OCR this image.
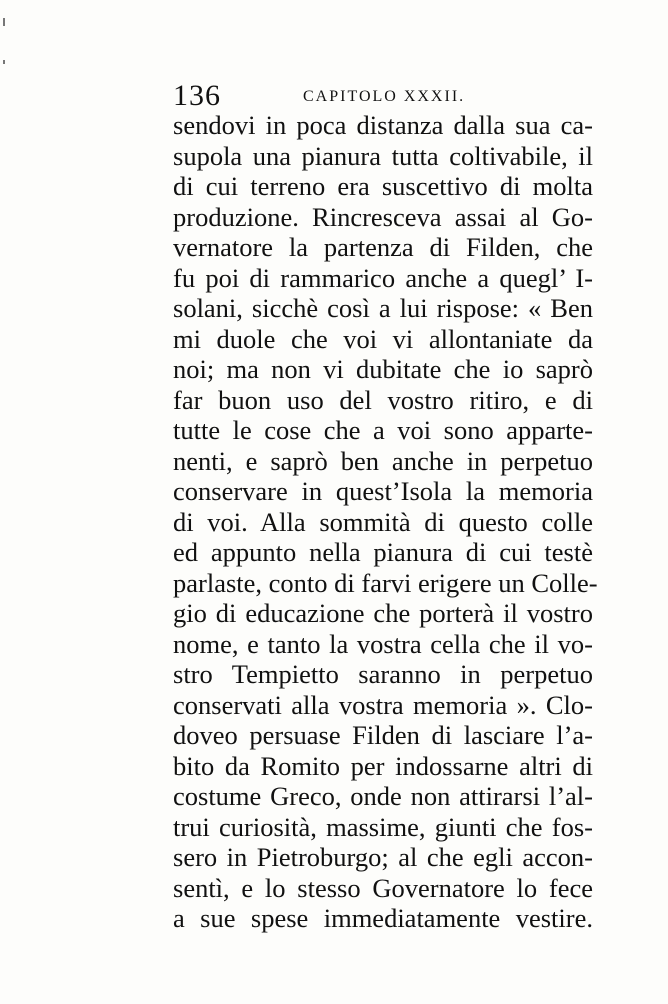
136	CAPITOLO XXXII.
sendovi in poca distanza dalla sua ca-
supola una pianura tutta coltivabile, il
di cui terreno era suscettivo di molta
produzione. Rincresceva assai al Go-
vernatore la partenza di Filden, che
fu poi di rammarico anche a quegl’ I-
solani, sicchè così a lui rispose: « Ben
mi duole che voi vi allontaniate da
noi; ma non vi dubitate che io saprò
far buon uso del vostro ritiro, e di
tutte le cose che a voi sono apparte-
nenti, e saprò ben anche in perpetuo
conservare in quest’Isola la memoria
di voi. Alla sommità di questo colle
ed appunto nella pianura di cui testè
parlaste, conto di farvi erigere un Colle-
gio di educazione che porterà il vostro
nome, e tanto la vostra cella che il vo-
stro Tempietto saranno in perpetuo
conservati alla vostra memoria ». Clo-
doveo persuase Filden di lasciare l’a-
bito da Romito per indossarne altri di
costume Greco, onde non attirarsi l’al-
trui curiosità, massime, giunti che fos-
sero in Pietroburgo; al che egli accon-
sentì, e lo stesso Governatore lo fece
a sue spese immediatamente vestire.
